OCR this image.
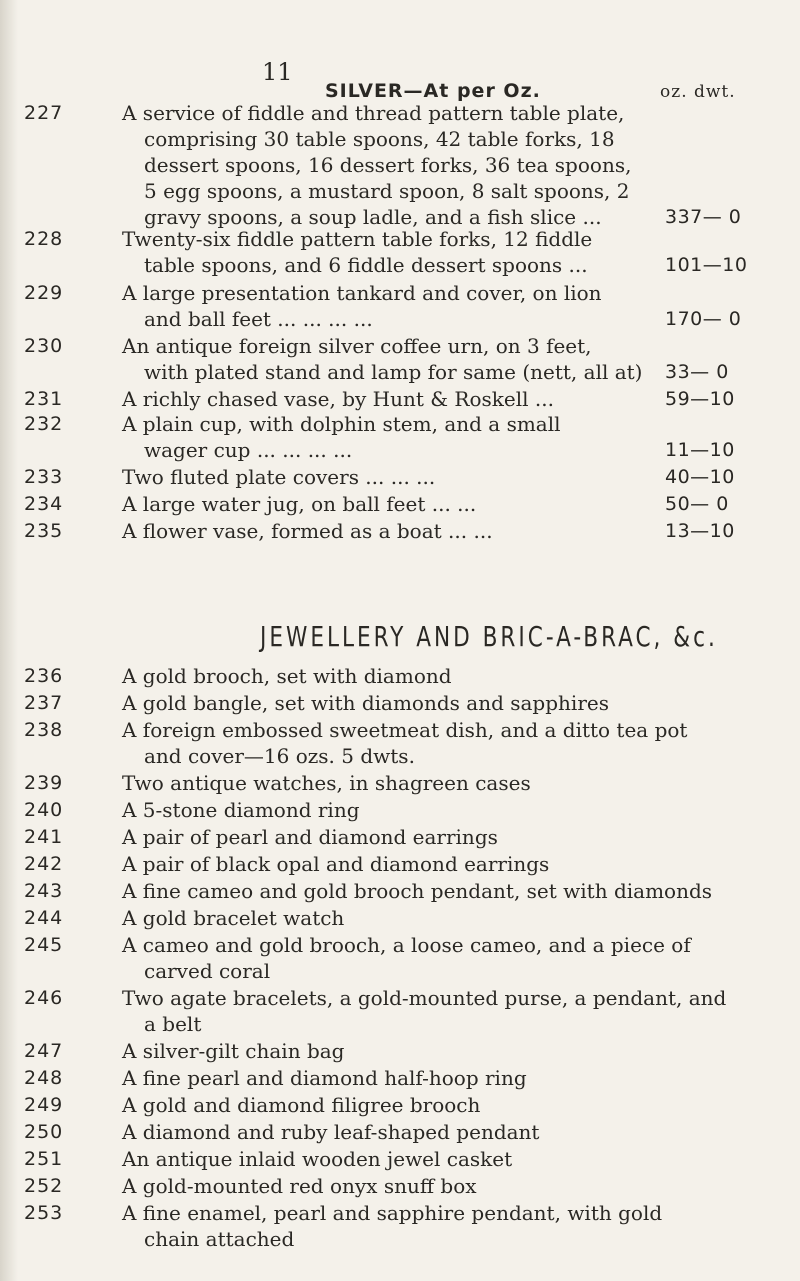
11
SILVER—At per Oz.	oz. dwt.
227	A service of fiddle and thread pattern table plate,
comprising 30 table spoons, 42 table forks, 18
dessert spoons, 16 dessert forks, 36 tea spoons,
5 egg spoons, a mustard spoon, 8 salt spoons, 2
gravy spoons, a soup ladle, and a fish slice ...	337— 0
228	Twenty-six fiddle pattern table forks, 12 fiddle
table spoons, and 6 fiddle dessert spoons ...	101—10
229	A large presentation tankard and cover, on lion
and ball feet ... ... ... ...	170— 0
230	An antique foreign silver coffee urn, on 3 feet,
with plated stand and lamp for same (nett, all at)	33— 0
231	A richly chased vase, by Hunt & Roskell ...	59—10
232	A plain cup, with dolphin stem, and a small
wager cup ... ... ... ...	11—10
233	Two fluted plate covers ... ... ...	40—10
234	A large water jug, on ball feet ... ...	50— 0
235	A flower vase, formed as a boat ... ...	13—10
JEWELLERY AND BRIC-A-BRAC, &c.
236	A gold brooch, set with diamond
237	A gold bangle, set with diamonds and sapphires
238	A foreign embossed sweetmeat dish, and a ditto tea pot
and cover—16 ozs. 5 dwts.
239	Two antique watches, in shagreen cases
240	A 5-stone diamond ring
241	A pair of pearl and diamond earrings
242	A pair of black opal and diamond earrings
243	A fine cameo and gold brooch pendant, set with diamonds
244	A gold bracelet watch
245	A cameo and gold brooch, a loose cameo, and a piece of
carved coral
246	Two agate bracelets, a gold-mounted purse, a pendant, and
a belt
247	A silver-gilt chain bag
248	A fine pearl and diamond half-hoop ring
249	A gold and diamond filigree brooch
250	A diamond and ruby leaf-shaped pendant
251	An antique inlaid wooden jewel casket
252	A gold-mounted red onyx snuff box
253	A fine enamel, pearl and sapphire pendant, with gold
chain attached
